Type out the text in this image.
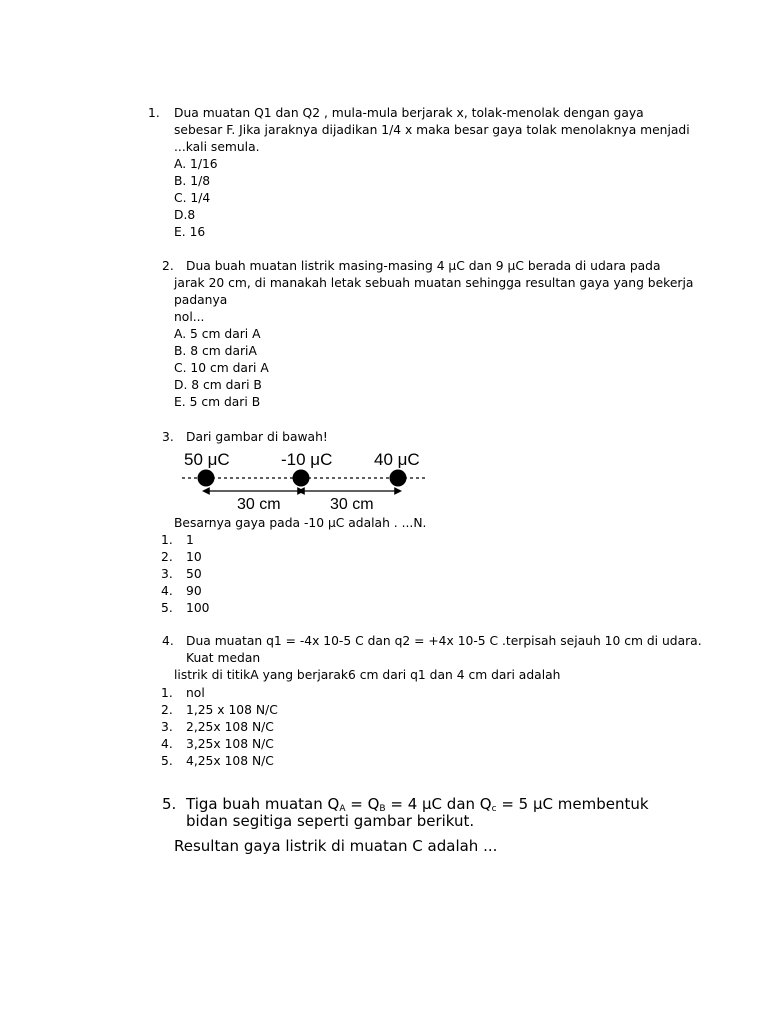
1. Dua muatan Q1 dan Q2 , mula-mula berjarak x, tolak-menolak dengan gaya
sebesar F. Jika jaraknya dijadikan 1/4 x maka besar gaya tolak menolaknya menjadi
...kali semula.
A. 1/16
B. 1/8
C. 1/4
D.8
E. 16
2. Dua buah muatan listrik masing-masing 4 μC dan 9 μC berada di udara pada
jarak 20 cm, di manakah letak sebuah muatan sehingga resultan gaya yang bekerja
padanya
nol...
A. 5 cm dari A
B. 8 cm dariA
C. 10 cm dari A
D. 8 cm dari B
E. 5 cm dari B
3. Dari gambar di bawah!
50 μC	-10 μC 40 μC
30 cm	30 cm
Besarnya gaya pada -10 μC adalah . ...N.
1. 1
2. 10
3. 50
4. 90
5. 100
4. Dua muatan q1 = -4x 10-5 C dan q2 = +4x 10-5 C .terpisah sejauh 10 cm di udara.
Kuat medan
listrik di titikA yang berjarak6 cm dari q1 dan 4 cm dari adalah
1. nol
2. 1,25 x 108 N/C
3. 2,25x 108 N/C
4. 3,25x 108 N/C
5. 4,25x 108 N/C
5. Tiga buah muatan $Q_A = Q_B = 4$ μC dan $Q_c = 5$ μC membentuk
bidan segitiga seperti gambar berikut.
Resultan gaya listrik di muatan C adalah ...
